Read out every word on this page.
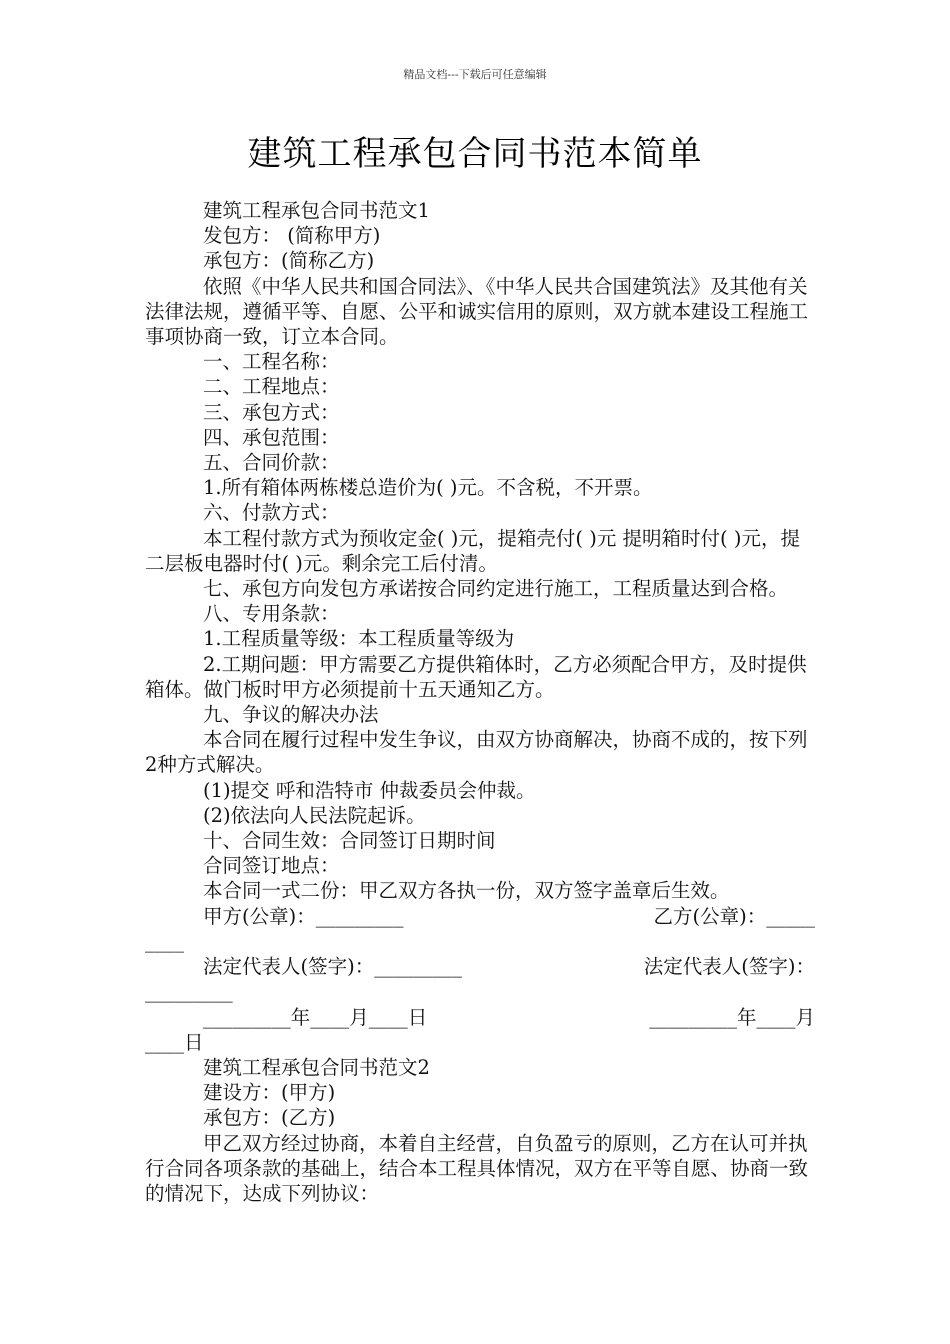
精品文档---下载后可任意编辑
建筑工程承包合同书范本简单

建筑工程承包合同书范文1

发包方： (简称甲方)

承包方：(简称乙方)

依照《中华人民共和国合同法》、《中华人民共合国建筑法》及其他有关法律法规，遵循平等、自愿、公平和诚实信用的原则，双方就本建设工程施工事项协商一致，订立本合同。

一、工程名称：

二、工程地点：

三、承包方式：

四、承包范围：

五、合同价款：

1.所有箱体两栋楼总造价为( )元。不含税，不开票。

六、付款方式：

本工程付款方式为预收定金( )元，提箱壳付( )元 提明箱时付( )元，提二层板电器时付( )元。剩余完工后付清。

七、承包方向发包方承诺按合同约定进行施工，工程质量达到合格。

八、专用条款：

1.工程质量等级：本工程质量等级为

2.工期问题：甲方需要乙方提供箱体时，乙方必须配合甲方，及时提供箱体。做门板时甲方必须提前十五天通知乙方。

九、争议的解决办法

本合同在履行过程中发生争议，由双方协商解决，协商不成的，按下列2种方式解决。

(1)提交 呼和浩特市 仲裁委员会仲裁。

(2)依法向人民法院起诉。

十、合同生效：合同签订日期时间

合同签订地点：

本合同一式二份：甲乙双方各执一份，双方签字盖章后生效。

甲方(公章)：_________	乙方(公章)：_____
____
法定代表人(签字)：_________	法定代表人(签字)：
_________
_________年____月____日	_________年____月
____日

建筑工程承包合同书范文2

建设方：(甲方)

承包方：(乙方)

甲乙双方经过协商，本着自主经营，自负盈亏的原则，乙方在认可并执行合同各项条款的基础上，结合本工程具体情况，双方在平等自愿、协商一致的情况下，达成下列协议：
